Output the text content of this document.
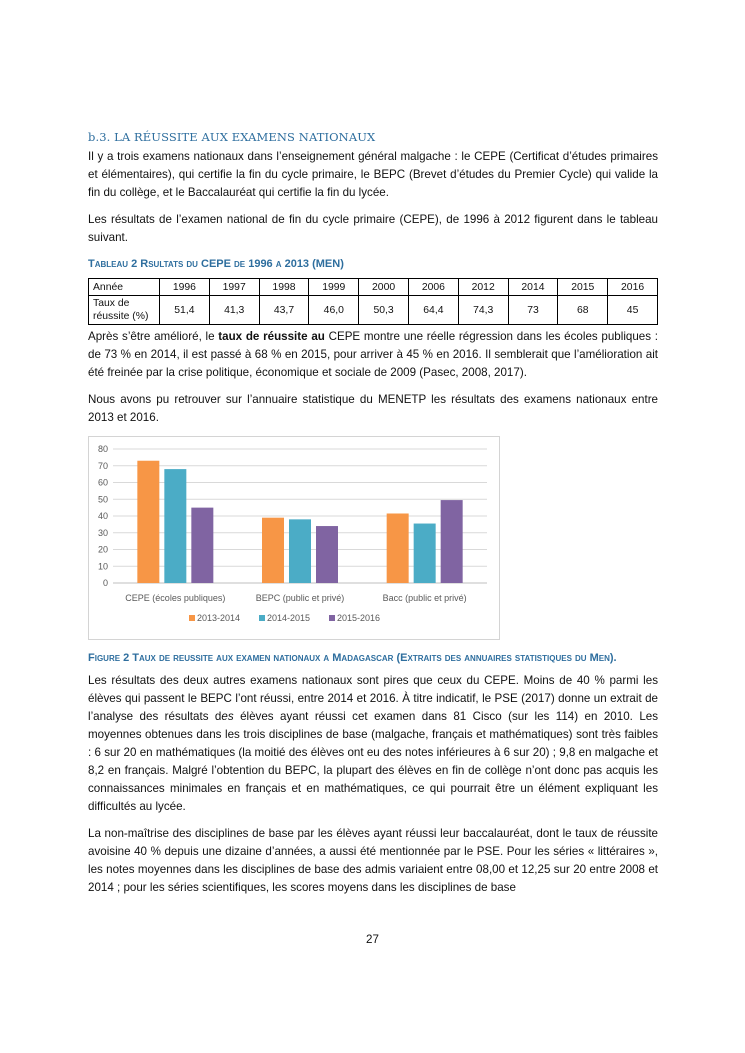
b.3. LA RÉUSSITE AUX EXAMENS NATIONAUX

Il y a trois examens nationaux dans l’enseignement général malgache : le CEPE (Certificat d’études primaires et élémentaires), qui certifie la fin du cycle primaire, le BEPC (Brevet d’études du Premier Cycle) qui valide la fin du collège, et le Baccalauréat qui certifie la fin du lycée.

Les résultats de l’examen national de fin du cycle primaire (CEPE), de 1996 à 2012 figurent dans le tableau suivant.

Tableau 2 Rsultats du CEPE de 1996 a 2013 (MEN)
Année	1996	1997	1998	1999	2000	2006	2012	2014	2015	2016
Taux de réussite (%)	51,4	41,3	43,7	46,0	50,3	64,4	74,3	73	68	45

Après s’être amélioré, le taux de réussite au CEPE montre une réelle régression dans les écoles publiques : de 73 % en 2014, il est passé à 68 % en 2015, pour arriver à 45 % en 2016. Il semblerait que l’amélioration ait été freinée par la crise politique, économique et sociale de 2009 (Pasec, 2008, 2017).

Nous avons pu retrouver sur l’annuaire statistique du MENETP les résultats des examens nationaux entre 2013 et 2016.

0
10
20
30
40
50
60
70
80
CEPE (écoles publiques)	BEPC (public et privé)	Bacc (public et privé)
2013-2014	2014-2015	2015-2016
Figure 2 Taux de reussite aux examen nationaux a Madagascar (Extraits des annuaires statistiques du Men).

Les résultats des deux autres examens nationaux sont pires que ceux du CEPE. Moins de 40 % parmi les élèves qui passent le BEPC l’ont réussi, entre 2014 et 2016. À titre indicatif, le PSE (2017) donne un extrait de l’analyse des résultats des élèves ayant réussi cet examen dans 81 Cisco (sur les 114) en 2010. Les moyennes obtenues dans les trois disciplines de base (malgache, français et mathématiques) sont très faibles : 6 sur 20 en mathématiques (la moitié des élèves ont eu des notes inférieures à 6 sur 20) ; 9,8 en malgache et 8,2 en français. Malgré l’obtention du BEPC, la plupart des élèves en fin de collège n’ont donc pas acquis les connaissances minimales en français et en mathématiques, ce qui pourrait être un élément expliquant les difficultés au lycée.

La non-maîtrise des disciplines de base par les élèves ayant réussi leur baccalauréat, dont le taux de réussite avoisine 40 % depuis une dizaine d’années, a aussi été mentionnée par le PSE. Pour les séries « littéraires », les notes moyennes dans les disciplines de base des admis variaient entre 08,00 et 12,25 sur 20 entre 2008 et 2014 ; pour les séries scientifiques, les scores moyens dans les disciplines de base

27
